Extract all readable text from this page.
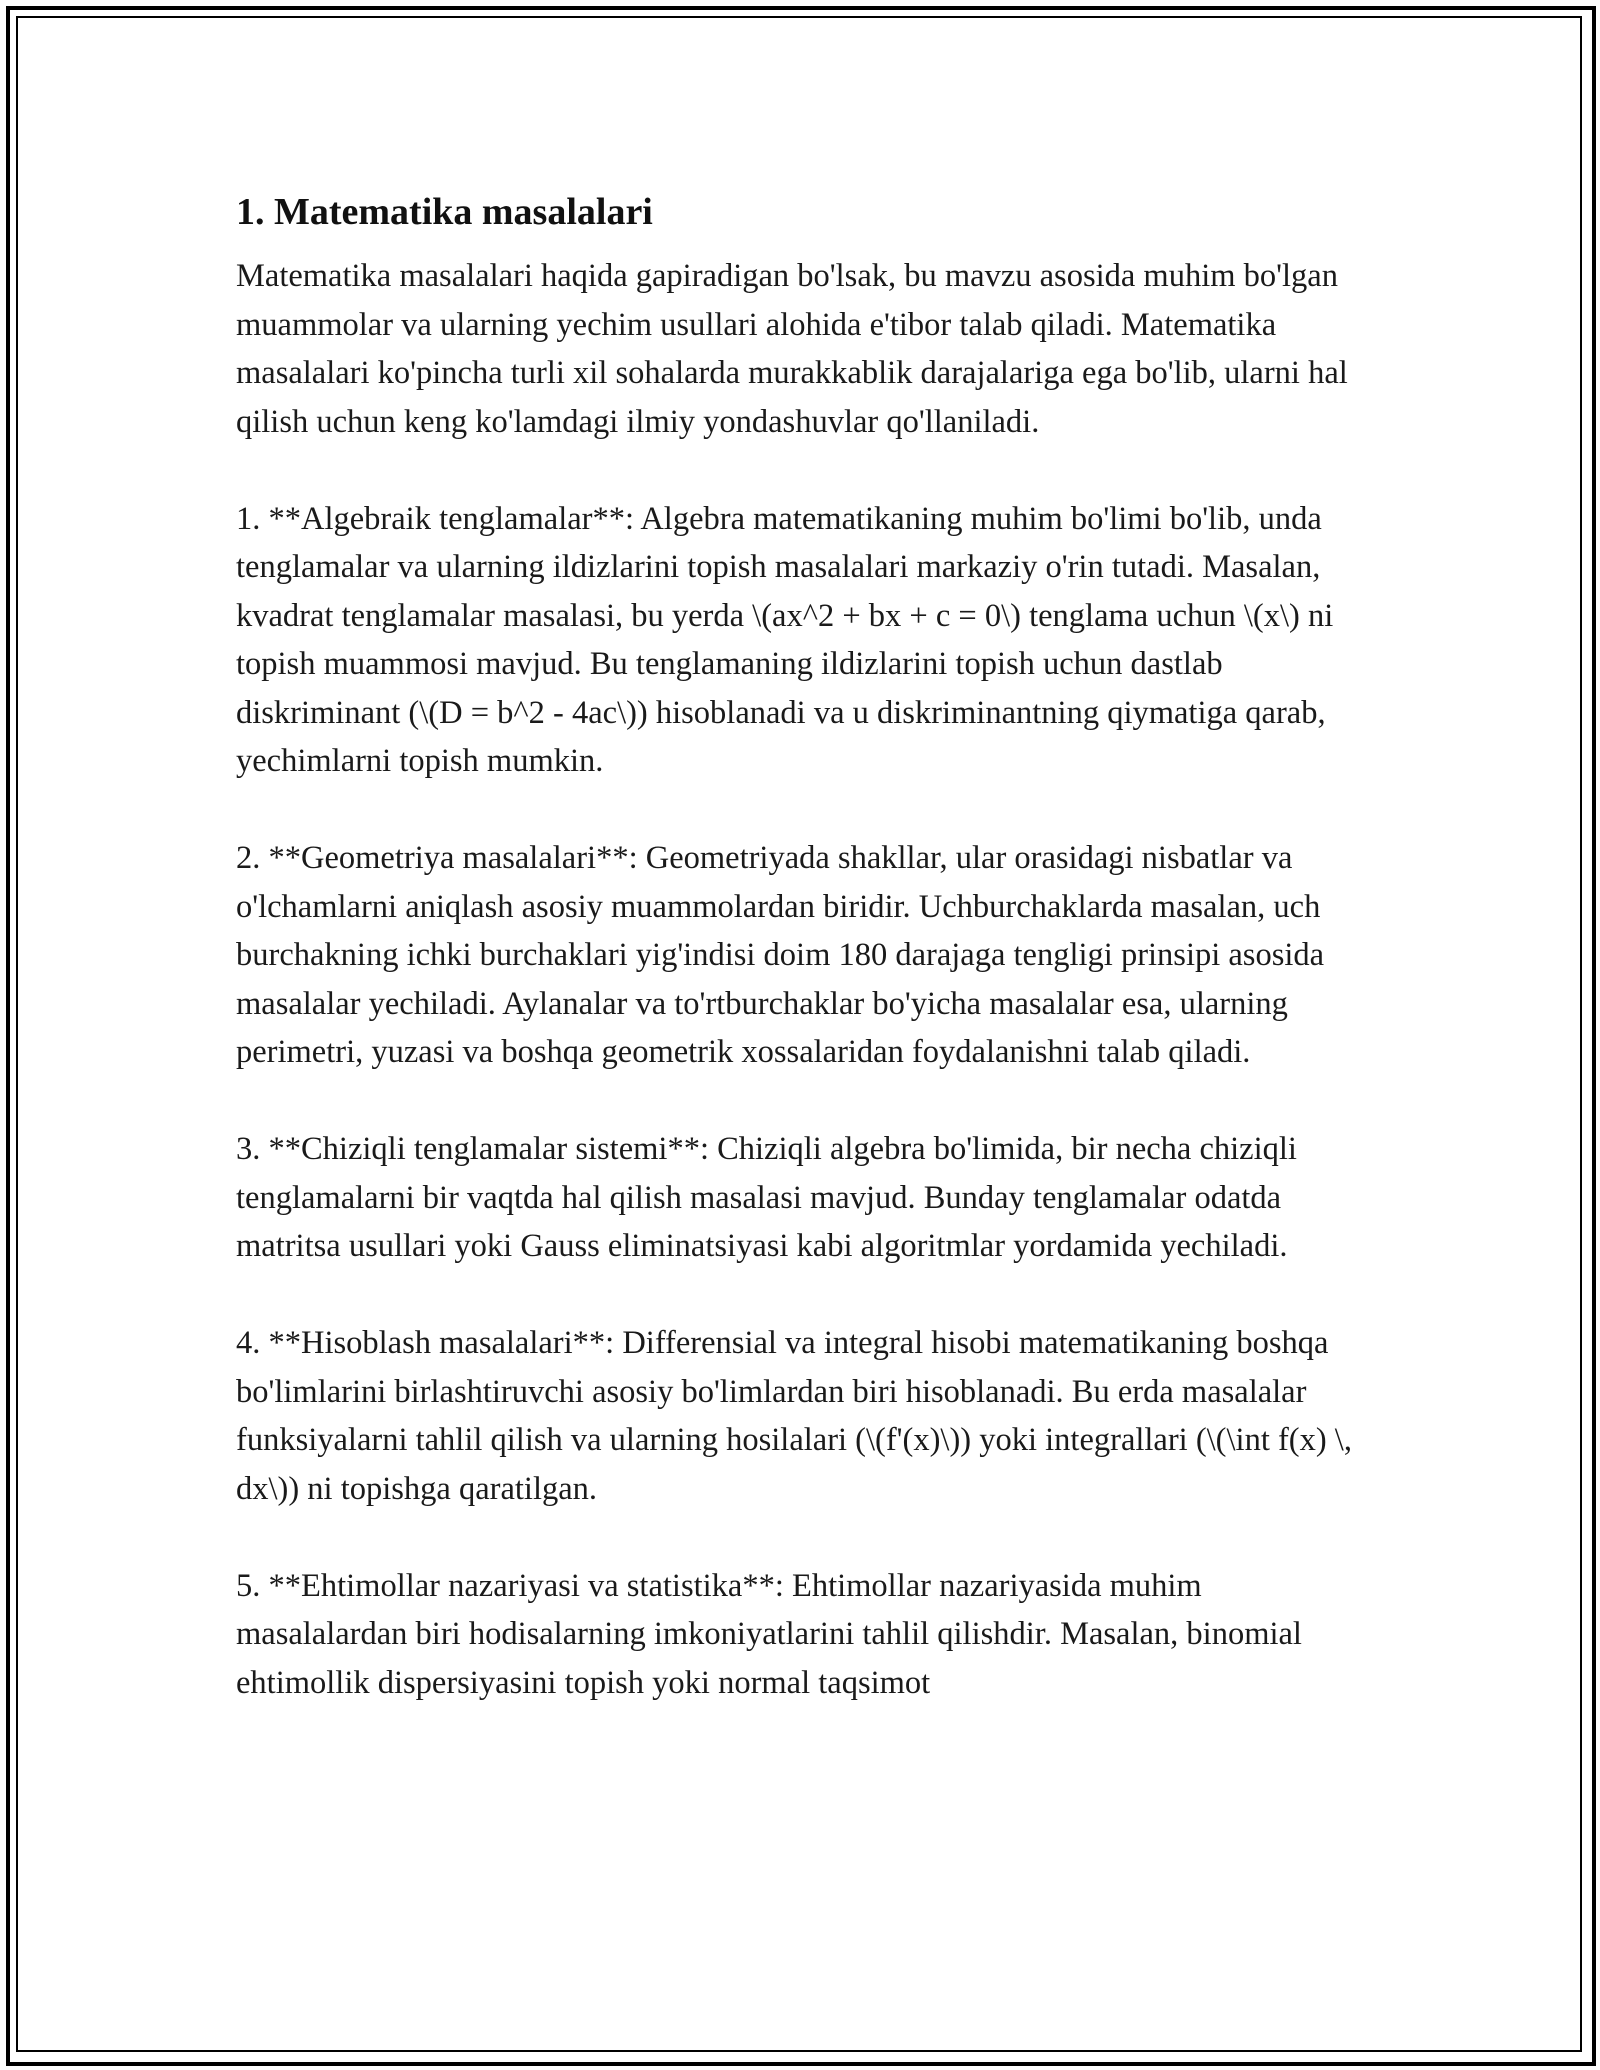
1. Matematika masalalari

Matematika masalalari haqida gapiradigan bo'lsak, bu mavzu asosida muhim bo'lgan muammolar va ularning yechim usullari alohida e'tibor talab qiladi. Matematika masalalari ko'pincha turli xil sohalarda murakkablik darajalariga ega bo'lib, ularni hal qilish uchun keng ko'lamdagi ilmiy yondashuvlar qo'llaniladi.

1. **Algebraik tenglamalar**: Algebra matematikaning muhim bo'limi bo'lib, unda tenglamalar va ularning ildizlarini topish masalalari markaziy o'rin tutadi. Masalan, kvadrat tenglamalar masalasi, bu yerda \(ax^2 + bx + c = 0\) tenglama uchun \(x\) ni topish muammosi mavjud. Bu tenglamaning ildizlarini topish uchun dastlab diskriminant (\(D = b^2 - 4ac\)) hisoblanadi va u diskriminantning qiymatiga qarab, yechimlarni topish mumkin.

2. **Geometriya masalalari**: Geometriyada shakllar, ular orasidagi nisbatlar va o'lchamlarni aniqlash asosiy muammolardan biridir. Uchburchaklarda masalan, uch burchakning ichki burchaklari yig'indisi doim 180 darajaga tengligi prinsipi asosida masalalar yechiladi. Aylanalar va to'rtburchaklar bo'yicha masalalar esa, ularning perimetri, yuzasi va boshqa geometrik xossalaridan foydalanishni talab qiladi.

3. **Chiziqli tenglamalar sistemi**: Chiziqli algebra bo'limida, bir necha chiziqli tenglamalarni bir vaqtda hal qilish masalasi mavjud. Bunday tenglamalar odatda matritsa usullari yoki Gauss eliminatsiyasi kabi algoritmlar yordamida yechiladi.

4. **Hisoblash masalalari**: Differensial va integral hisobi matematikaning boshqa bo'limlarini birlashtiruvchi asosiy bo'limlardan biri hisoblanadi. Bu erda masalalar funksiyalarni tahlil qilish va ularning hosilalari (\(f'(x)\)) yoki integrallari (\(\int f(x) \, dx\)) ni topishga qaratilgan.

5. **Ehtimollar nazariyasi va statistika**: Ehtimollar nazariyasida muhim masalalardan biri hodisalarning imkoniyatlarini tahlil qilishdir. Masalan, binomial ehtimollik dispersiyasini topish yoki normal taqsimot
